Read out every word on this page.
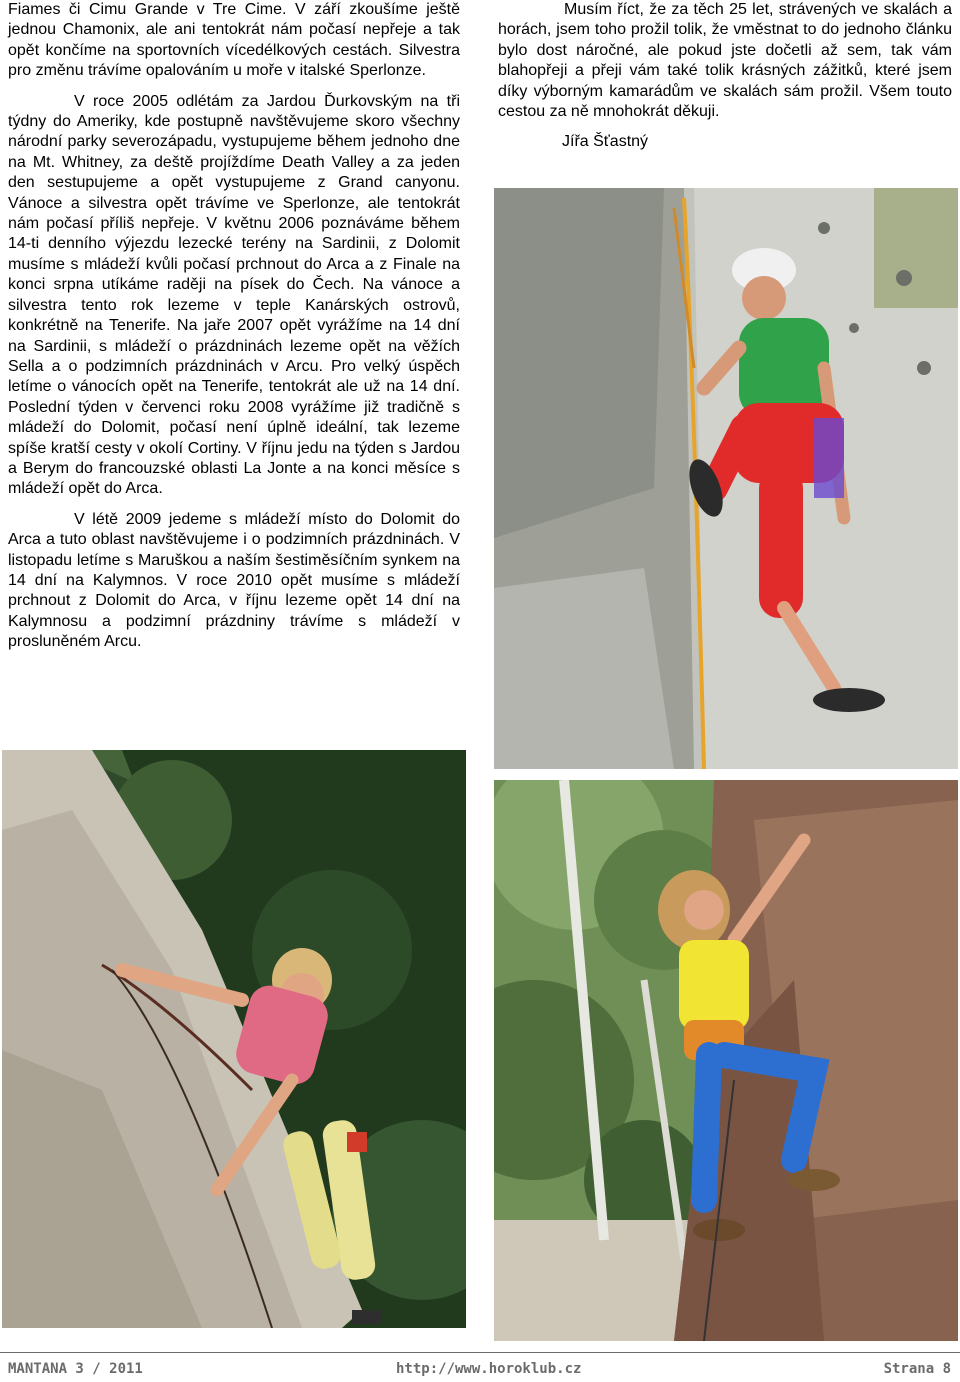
Fiames či Cimu Grande v Tre Cime. V září zkoušíme ještě jednou Chamonix, ale ani tentokrát nám počasí nepřeje a tak opět končíme na sportovních vícedélkových cestách. Silvestra pro změnu trávíme opalováním u moře v italské Sperlonze.

V roce 2005 odlétám za Jardou Ďurkovským na tři týdny do Ameriky, kde postupně navštěvujeme skoro všechny národní parky severozápadu, vystupujeme během jednoho dne na Mt. Whitney, za deště projíždíme Death Valley a za jeden den sestupujeme a opět vystupujeme z Grand canyonu. Vánoce a silvestra opět trávíme ve Sperlonze, ale tentokrát nám počasí příliš nepřeje. V květnu 2006 poznáváme během 14-ti denního výjezdu lezecké terény na Sardinii, z Dolomit musíme s mládeží kvůli počasí prchnout do Arca a z Finale na konci srpna utíkáme raději na písek do Čech. Na vánoce a silvestra tento rok lezeme v teple Kanárských ostrovů, konkrétně na Tenerife. Na jaře 2007 opět vyrážíme na 14 dní na Sardinii, s mládeží o prázdninách lezeme opět na věžích Sella a o podzimních prázdninách v Arcu. Pro velký úspěch letíme o vánocích opět na Tenerife, tentokrát ale už na 14 dní. Poslední týden v červenci roku 2008 vyrážíme již tradičně s mládeží do Dolomit, počasí není úplně ideální, tak lezeme spíše kratší cesty v okolí Cortiny. V říjnu jedu na týden s Jardou a Berym do francouzské oblasti La Jonte a na konci měsíce s mládeží opět do Arca.

V létě 2009 jedeme s mládeží místo do Dolomit do Arca a tuto oblast navštěvujeme i o podzimních prázdninách. V listopadu letíme s Maruškou a naším šestiměsíčním synkem na 14 dní na Kalymnos. V roce 2010 opět musíme s mládeží prchnout z Dolomit do Arca, v říjnu lezeme opět 14 dní na Kalymnosu a podzimní prázdniny trávíme s mládeží v prosluněném Arcu.

Musím říct, že za těch 25 let, strávených ve skalách a horách, jsem toho prožil tolik, že vměstnat to do jednoho článku bylo dost náročné, ale pokud jste dočetli až sem, tak vám blahopřeji a přeji vám také tolik krásných zážitků, které jsem díky výborným kamarádům ve skalách sám prožil. Všem touto cestou za ně mnohokrát děkuji.

Jířa Šťastný

MANTANA 3 / 2011	http://www.horoklub.cz	Strana 8
